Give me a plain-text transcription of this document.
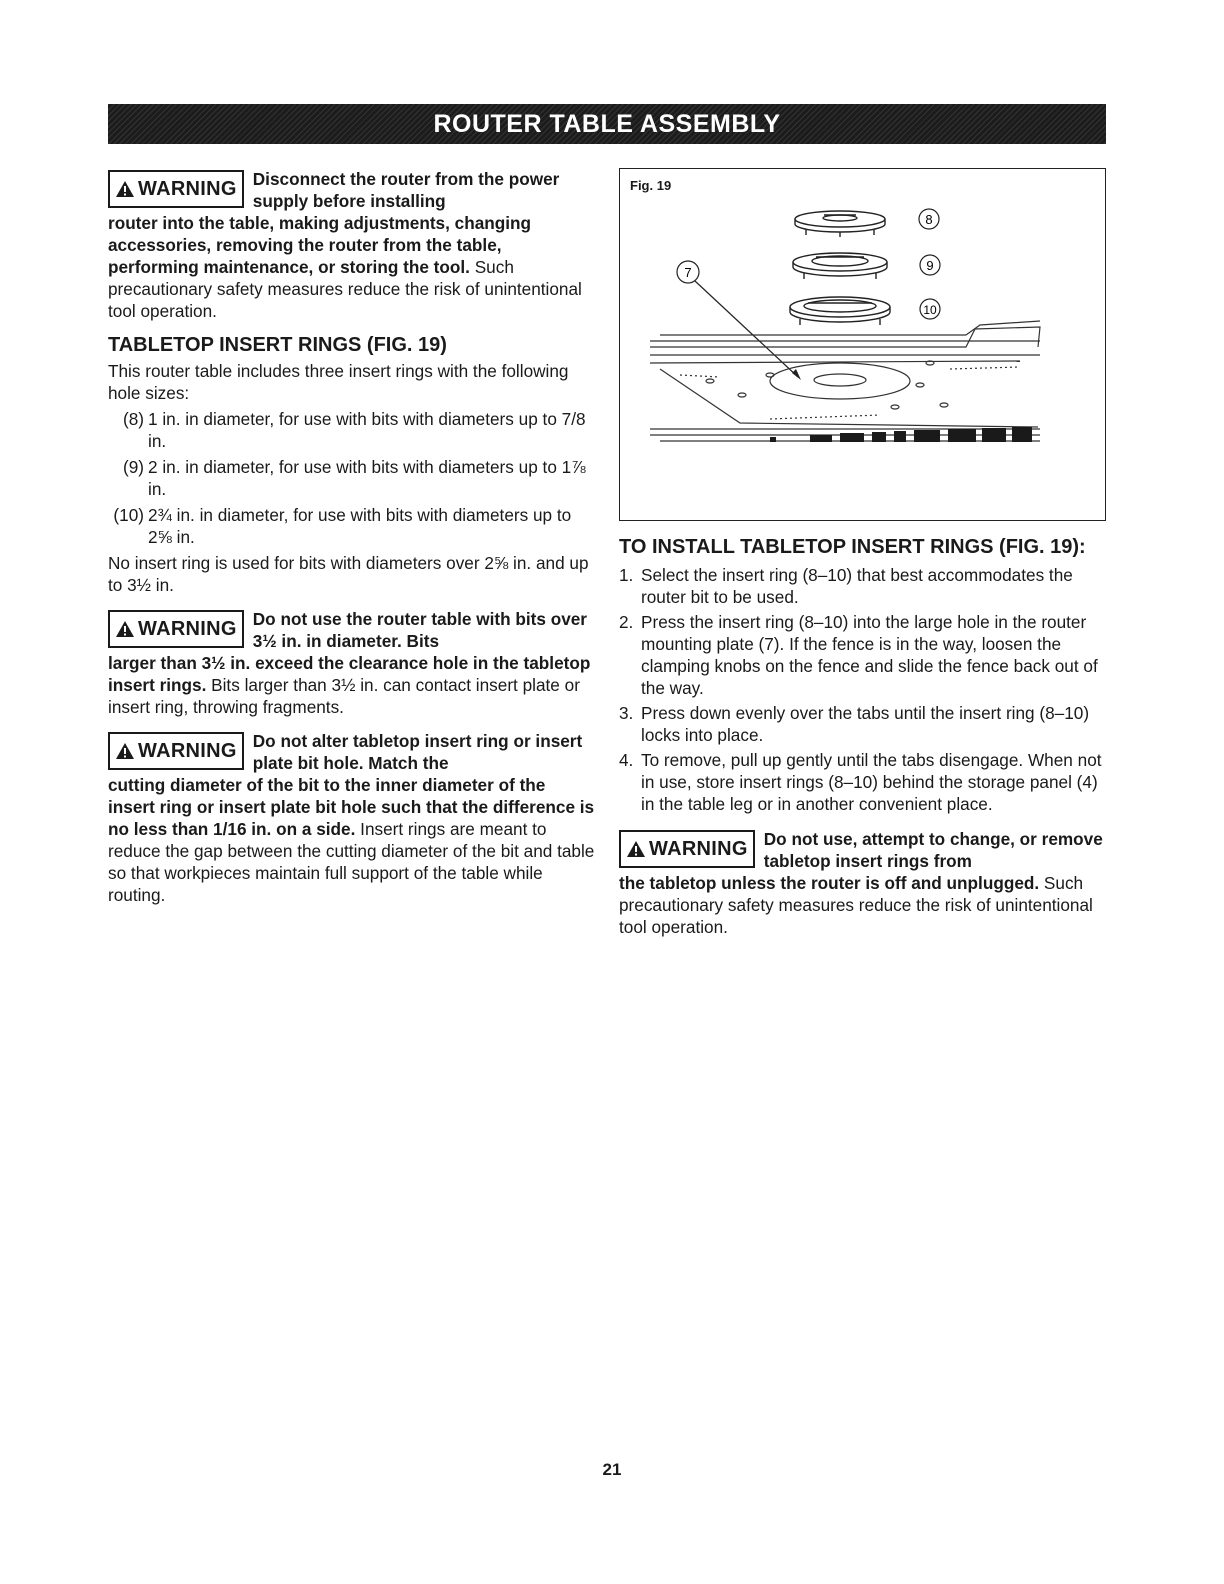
ROUTER TABLE ASSEMBLY
WARNING Disconnect the router from the power supply before installing

router into the table, making adjustments, changing accessories, removing the router from the table, performing maintenance, or storing the tool. Such precautionary safety measures reduce the risk of unintentional tool operation.

TABLETOP INSERT RINGS (FIG. 19)

This router table includes three insert rings with the following hole sizes:

(8) 1 in. in diameter, for use with bits with diameters up to 7/8 in.
(9) 2 in. in diameter, for use with bits with diameters up to 1⅞ in.
(10) 2¾ in. in diameter, for use with bits with diameters up to 2⅝ in.

No insert ring is used for bits with diameters over 2⅝ in. and up to 3½ in.

WARNING Do not use the router table with bits over 3½ in. in diameter. Bits

larger than 3½ in. exceed the clearance hole in the tabletop insert rings. Bits larger than 3½ in. can contact insert plate or insert ring, throwing fragments.

WARNING Do not alter tabletop insert ring or insert plate bit hole. Match the

cutting diameter of the bit to the inner diameter of the insert ring or insert plate bit hole such that the difference is no less than 1/16 in. on a side. Insert rings are meant to reduce the gap between the cutting diameter of the bit and table so that workpieces maintain full support of the table while routing.

Fig. 19
8
9
10
7
TO INSTALL TABLETOP INSERT RINGS (FIG. 19):
1. Select the insert ring (8–10) that best accommodates the router bit to be used.
2. Press the insert ring (8–10) into the large hole in the router mounting plate (7). If the fence is in the way, loosen the clamping knobs on the fence and slide the fence back out of the way.
3. Press down evenly over the tabs until the insert ring (8–10) locks into place.
4. To remove, pull up gently until the tabs disengage. When not in use, store insert rings (8–10) behind the storage panel (4) in the table leg or in another convenient place.
WARNING Do not use, attempt to change, or remove tabletop insert rings from

the tabletop unless the router is off and unplugged. Such precautionary safety measures reduce the risk of unintentional tool operation.

21
